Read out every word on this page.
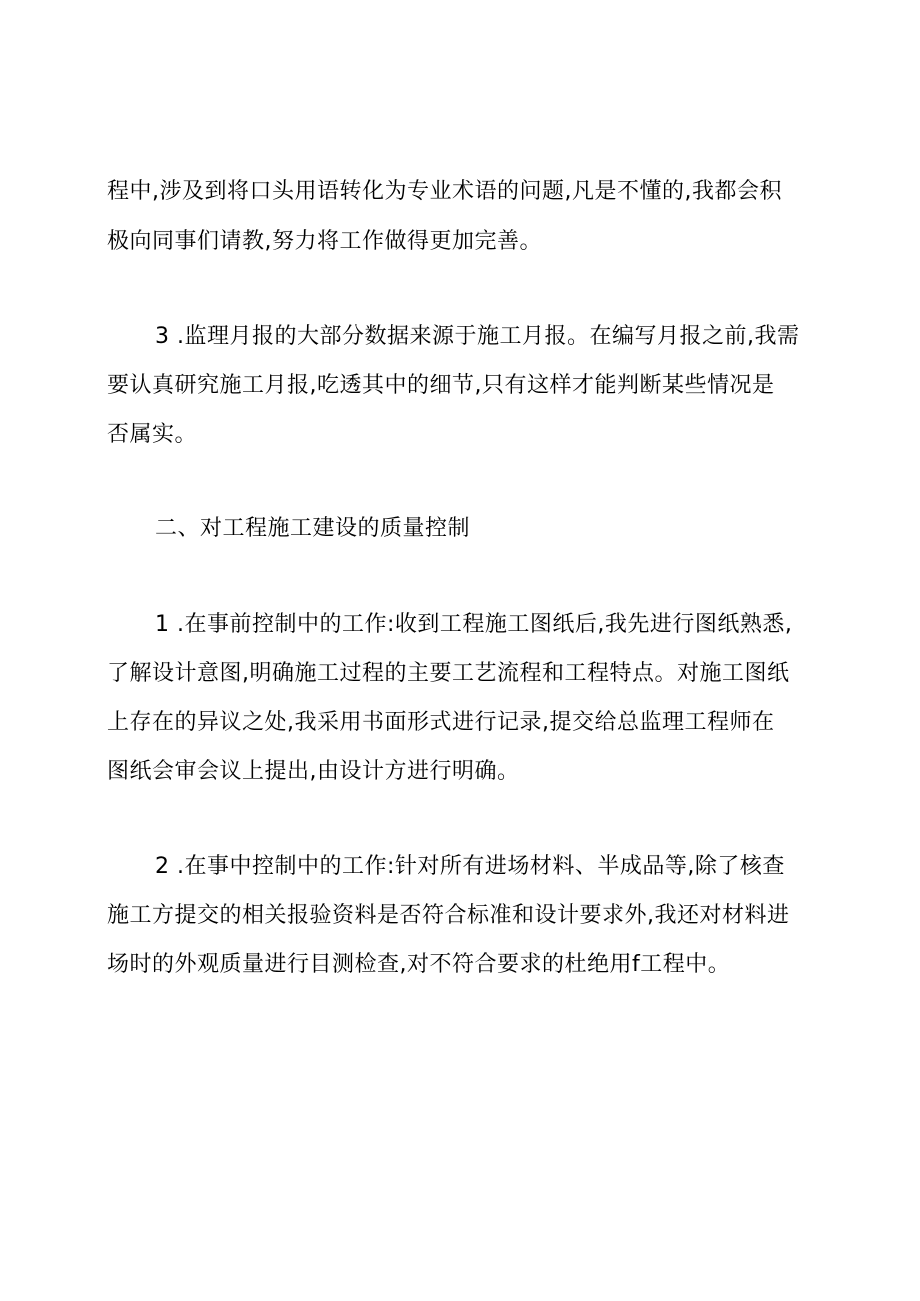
程中,涉及到将口头用语转化为专业术语的问题,凡是不懂的,我都会积
极向同事们请教,努力将工作做得更加完善。
3 .监理月报的大部分数据来源于施工月报。在编写月报之前,我需
要认真研究施工月报,吃透其中的细节,只有这样才能判断某些情况是
否属实。
二、对工程施工建设的质量控制
1 .在事前控制中的工作:收到工程施工图纸后,我先进行图纸熟悉,
了解设计意图,明确施工过程的主要工艺流程和工程特点。对施工图纸
上存在的异议之处,我采用书面形式进行记录,提交给总监理工程师在
图纸会审会议上提出,由设计方进行明确。
2 .在事中控制中的工作:针对所有进场材料、半成品等,除了核查
施工方提交的相关报验资料是否符合标准和设计要求外,我还对材料进
场时的外观质量进行目测检查,对不符合要求的杜绝用f工程中。
